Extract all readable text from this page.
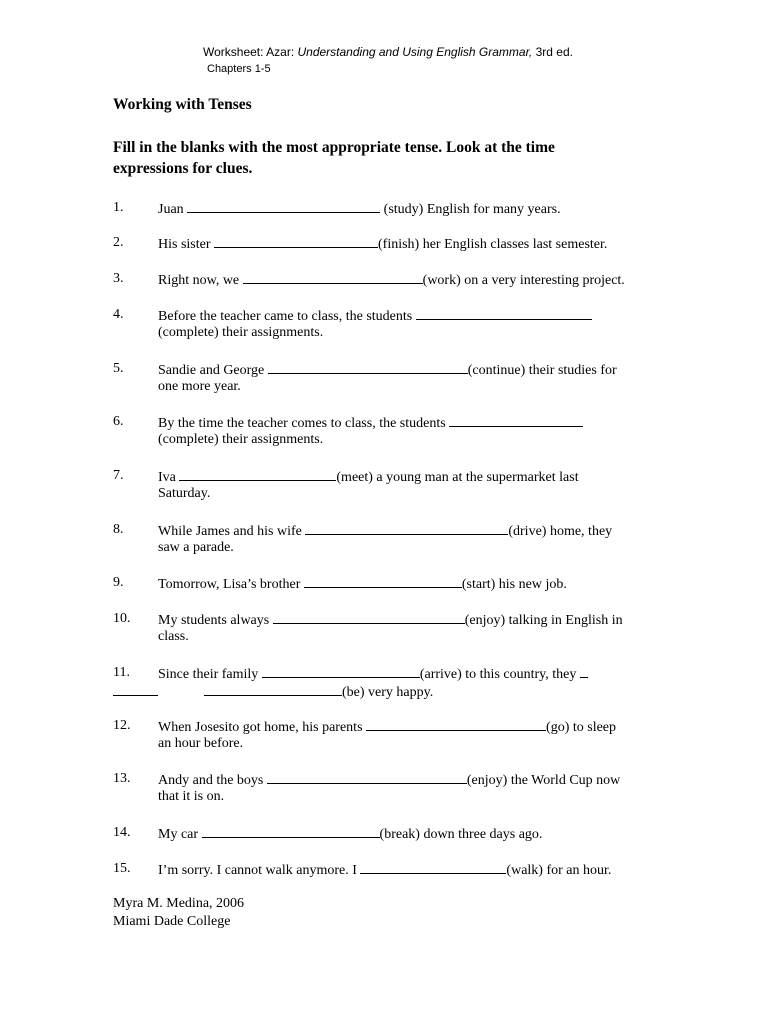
Worksheet: Azar: Understanding and Using English Grammar, 3rd ed.
Chapters 1-5
Working with Tenses
Fill in the blanks with the most appropriate tense. Look at the time expressions for clues.
1. Juan	(study) English for many years.
2. His sister	(finish) her English classes last semester.
3. Right now, we	(work) on a very interesting project.
4. Before the teacher came to class, the students
(complete) their assignments.
5. Sandie and George	(continue) their studies for
one more year.
6. By the time the teacher comes to class, the students
(complete) their assignments.
7. Iva	(meet) a young man at the supermarket last
Saturday.
8. While James and his wife	(drive) home, they
saw a parade.
9. Tomorrow, Lisa’s brother	(start) his new job.
10. My students always	(enjoy) talking in English in
class.
11. Since their family	(arrive) to this country, they
(be) very happy.
12. When Josesito got home, his parents	(go) to sleep
an hour before.
13. Andy and the boys	(enjoy) the World Cup now
that it is on.
14. My car	(break) down three days ago.
15. I’m sorry. I cannot walk anymore. I	(walk) for an hour.
Myra M. Medina, 2006
Miami Dade College
